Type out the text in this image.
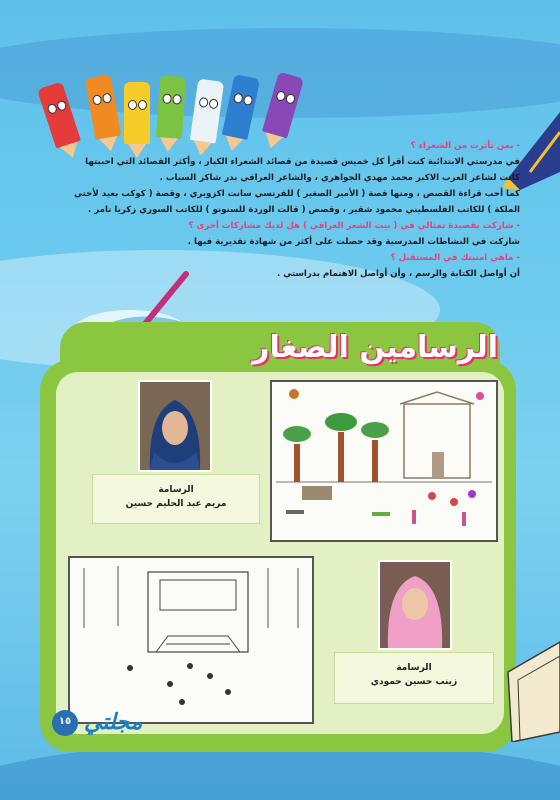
- بمن تأثرت من الشعراء ؟
في مدرستي الابتدائية كنت أقرأ كل خميس قصيدة من قصائد الشعراء الكبار ، وأكثر القصائد التي احببتها
كانت لشاعر العرب الاكبر محمد مهدي الجواهري ، والشاعر العراقي بدر شاكر السياب .
كما أحب قراءة القصص ، ومنها قصة ( الأمير الصغير ) للفرنسي سانت اكزوبري ، وقصة ( كوكب بعيد لأختي
الملكة ) للكاتب الفلسطيني محمود شقير ، وقصص ( قالت الوردة للسنونو ) للكاتب السوري زكريا تامر .
- شاركت بقصيدة تمثالي في ( بيت الشعر العراقي ) هل لديك مشاركات أخرى ؟
شاركت في النشاطات المدرسية وقد حصلت على أكثر من شهادة تقديرية فيها .
- ماهي امنيتك في المستقبل ؟
أن أواصل الكتابة والرسم ، وأن أواصل الاهتمام بدراستي .
الرسامين الصغار
الرسامة
مريم عبد الحليم حسين
الرسامة
زينب حسين حمودي
١٥ مجلتي
